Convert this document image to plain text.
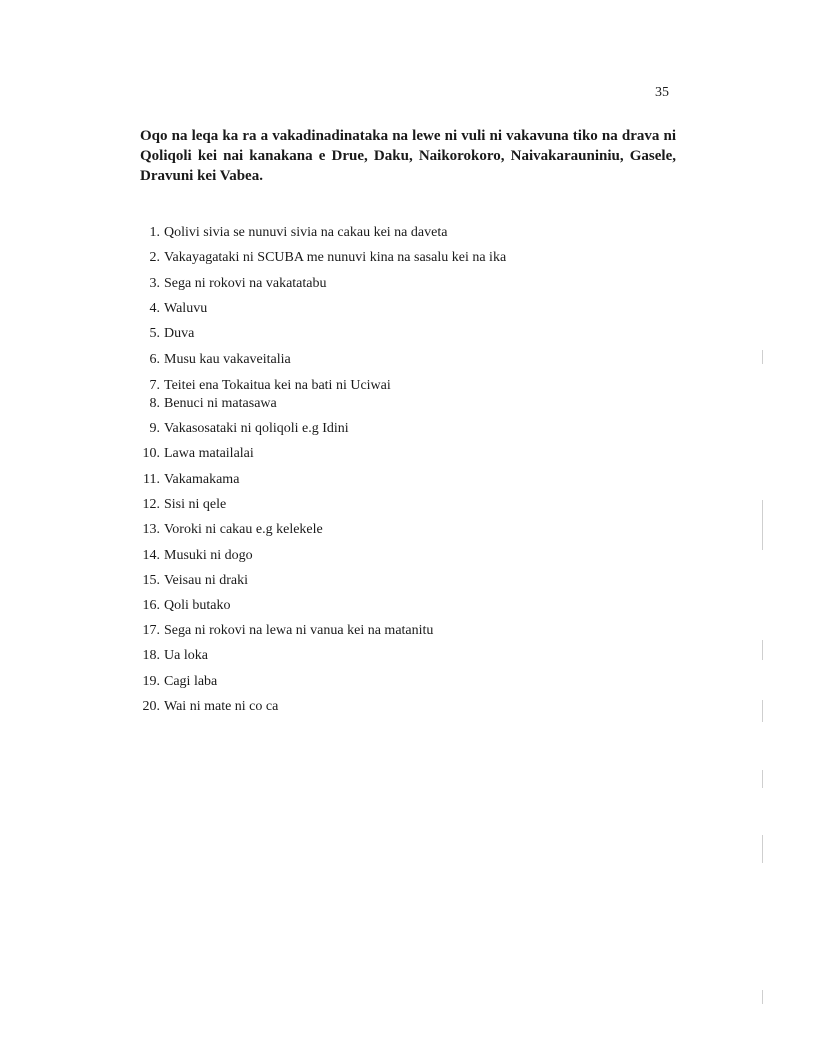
35

Oqo na leqa ka ra a vakadinadinataka na lewe ni vuli ni vakavuna tiko na drava ni
Qoliqoli kei nai kanakana e Drue, Daku, Naikorokoro, Naivakarauniniu, Gasele,
Dravuni kei Vabea.

1. Qolivi sivia se nunuvi sivia na cakau kei na daveta
2. Vakayagataki ni SCUBA me nunuvi kina na sasalu kei na ika
3. Sega ni rokovi na vakatatabu
4. Waluvu
5. Duva
6. Musu kau vakaveitalia
7. Teitei ena Tokaitua kei na bati ni Uciwai
8. Benuci ni matasawa
9. Vakasosataki ni qoliqoli e.g Idini
10. Lawa matailalai
11. Vakamakama
12. Sisi ni qele
13. Voroki ni cakau e.g kelekele
14. Musuki ni dogo
15. Veisau ni draki
16. Qoli butako
17. Sega ni rokovi na lewa ni vanua kei na matanitu
18. Ua loka
19. Cagi laba
20. Wai ni mate ni co ca
